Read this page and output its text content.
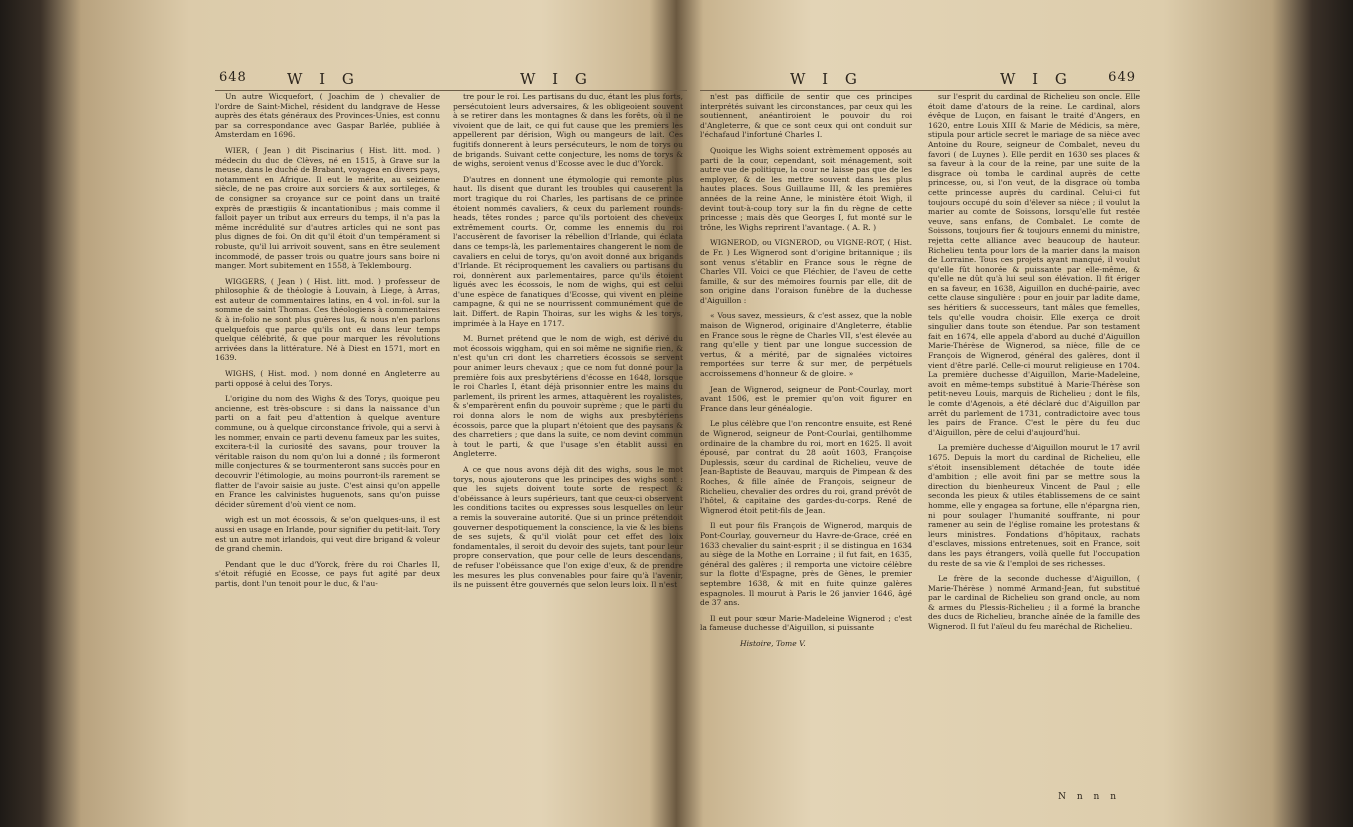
648	W I G	W I G

Un autre Wicquefort, ( Joachim de ) chevalier de l'ordre de Saint-Michel, résident du landgrave de Hesse auprès des états généraux des Provinces-Unies, est connu par sa correspondance avec Gaspar Barlée, publiée à Amsterdam en 1696.

WIER, ( Jean ) dit Piscinarius ( Hist. litt. mod. ) médecin du duc de Clèves, né en 1515, à Grave sur la meuse, dans le duché de Brabant, voyagea en divers pays, notamment en Afrique. Il eut le mérite, au seizieme siècle, de ne pas croire aux sorciers & aux sortileges, & de consigner sa croyance sur ce point dans un traité exprès de præstigiis & incantationibus ; mais comme il falloit payer un tribut aux erreurs du temps, il n'a pas la même incrédulité sur d'autres articles qui ne sont pas plus dignes de foi. On dit qu'il étoit d'un tempérament si robuste, qu'il lui arrivoit souvent, sans en être seulement incommodé, de passer trois ou quatre jours sans boire ni manger. Mort subitement en 1558, à Teklembourg.

WIGGERS, ( Jean ) ( Hist. litt. mod. ) professeur de philosophie & de théologie à Louvain, à Liege, à Arras, est auteur de commentaires latins, en 4 vol. in-fol. sur la somme de saint Thomas. Ces théologiens à commentaires & à in-folio ne sont plus guères lus, & nous n'en parlons quelquefois que parce qu'ils ont eu dans leur temps quelque célébrité, & que pour marquer les révolutions arrivées dans la littérature. Né à Diest en 1571, mort en 1639.

WIGHS, ( Hist. mod. ) nom donné en Angleterre au parti opposé à celui des Torys.

L'origine du nom des Wighs & des Torys, quoique peu ancienne, est très-obscure : si dans la naissance d'un parti on a fait peu d'attention à quelque aventure commune, ou à quelque circonstance frivole, qui a servi à les nommer, envain ce parti devenu fameux par les suites, excitera-t-il la curiosité des savans, pour trouver la véritable raison du nom qu'on lui a donné ; ils formeront mille conjectures & se tourmenteront sans succès pour en decouvrir l'étimologie, au moins pourront-ils rarement se flatter de l'avoir saisie au juste. C'est ainsi qu'on appelle en France les calvinistes huguenots, sans qu'on puisse décider sûrement d'où vient ce nom.

wigh est un mot écossois, & se'on quelques-uns, il est aussi en usage en Irlande, pour signifier du petit-lait. Tory est un autre mot irlandois, qui veut dire brigand & voleur de grand chemin.

Pendant que le duc d'Yorck, frère du roi Charles II, s'étoit réfugié en Ecosse, ce pays fut agité par deux partis, dont l'un tenoit pour le duc, & l'au-

tre pour le roi. Les partisans du duc, étant les plus forts, persécutoient leurs adversaires, & les obligeoient souvent à se retirer dans les montagnes & dans les forêts, où il ne vivoient que de lait, ce qui fut cause que les premiers les appellerent par dérision, Wigh ou mangeurs de lait. Ces fugitifs donnerent à leurs persécuteurs, le nom de torys ou de brigands. Suivant cette conjecture, les noms de torys & de wighs, seroient venus d'Ecosse avec le duc d'Yorck.

D'autres en donnent une étymologie qui remonte plus haut. Ils disent que durant les troubles qui causerent la mort tragique du roi Charles, les partisans de ce prince étoient nommés cavaliers, & ceux du parlement rounds-heads, têtes rondes ; parce qu'ils portoient des cheveux extrêmement courts. Or, comme les ennemis du roi l'accusèrent de favoriser la rébellion d'Irlande, qui éclata dans ce temps-là, les parlementaires changerent le nom de cavaliers en celui de torys, qu'on avoit donné aux brigands d'Irlande. Et réciproquement les cavaliers ou partisans du roi, donnèrent aux parlementaires, parce qu'ils étoient ligués avec les écossois, le nom de wighs, qui est celui d'une espèce de fanatiques d'Ecosse, qui vivent en pleine campagne, & qui ne se nourrissent communément que de lait. Differt. de Rapin Thoiras, sur les wighs & les torys, imprimée à la Haye en 1717.

M. Burnet prétend que le nom de wigh, est dérivé du mot écossois wiggham, qui en soi même ne signifie rien, & n'est qu'un cri dont les charretiers écossois se servent pour animer leurs chevaux ; que ce nom fut donné pour la première fois aux presbytériens d'écosse en 1648, lorsque le roi Charles I, étant déjà prisonnier entre les mains du parlement, ils prirent les armes, attaquèrent les royalistes, & s'emparèrent enfin du pouvoir suprème ; que le parti du roi donna alors le nom de wighs aux presbytériens écossois, parce que la plupart n'étoient que des paysans & des charretiers ; que dans la suite, ce nom devint commun à tout le parti, & que l'usage s'en établit aussi en Angleterre.

A ce que nous avons déjà dit des wighs, sous le mot torys, nous ajouterons que les principes des wighs sont : que les sujets doivent toute sorte de respect & d'obéissance à leurs supérieurs, tant que ceux-ci observent les conditions tacites ou expresses sous lesquelles on leur a remis la souveraine autorité. Que si un prince prétendoit gouverner despotiquement la conscience, la vie & les biens de ses sujets, & qu'il violât pour cet effet des loix fondamentales, il seroit du devoir des sujets, tant pour leur propre conservation, que pour celle de leurs descendans, de refuser l'obéissance que l'on exige d'eux, & de prendre les mesures les plus convenables pour faire qu'à l'avenir, ils ne puissent être gouvernés que selon leurs loix. Il n'est

W I G	W I G	649

n'est pas difficile de sentir que ces principes interprétés suivant les circonstances, par ceux qui les soutiennent, anéantiroient le pouvoir du roi d'Angleterre, & que ce sont ceux qui ont conduit sur l'échafaud l'infortuné Charles I.

Quoique les Wighs soient extrèmement opposés au parti de la cour, cependant, soit ménagement, soit autre vue de politique, la cour ne laisse pas que de les employer, & de les mettre souvent dans les plus hautes places. Sous Guillaume III, & les premières années de la reine Anne, le ministère étoit Wigh, il devint tout-à-coup tory sur la fin du règne de cette princesse ; mais dès que Georges I, fut monté sur le trône, les Wighs reprirent l'avantage. ( A. R. )

WIGNEROD, ou VIGNEROD, ou VIGNE-ROT, ( Hist. de Fr. ) Les Wignerod sont d'origine britannique ; ils sont venus s'établir en France sous le règne de Charles VII. Voici ce que Fléchier, de l'aveu de cette famille, & sur des mémoires fournis par elle, dit de son origine dans l'oraison funèbre de la duchesse d'Aiguillon :

« Vous savez, messieurs, & c'est assez, que la noble maison de Wignerod, originaire d'Angleterre, établie en France sous le règne de Charles VII, s'est élevée au rang qu'elle y tient par une longue succession de vertus, & a mérité, par de signalées victoires remportées sur terre & sur mer, de perpétuels accroissemens d'honneur & de gloire. »

Jean de Wignerod, seigneur de Pont-Courlay, mort avant 1506, est le premier qu'on voit figurer en France dans leur généalogie.

Le plus célèbre que l'on rencontre ensuite, est René de Wignerod, seigneur de Pont-Courlai, gentilhomme ordinaire de la chambre du roi, mort en 1625. Il avoit épousé, par contrat du 28 août 1603, Françoise Duplessis, sœur du cardinal de Richelieu, veuve de Jean-Baptiste de Beauvau, marquis de Pimpean & des Roches, & fille aînée de François, seigneur de Richelieu, chevalier des ordres du roi, grand prévôt de l'hôtel, & capitaine des gardes-du-corps. René de Wignerod étoit petit-fils de Jean.

Il eut pour fils François de Wignerod, marquis de Pont-Courlay, gouverneur du Havre-de-Grace, créé en 1633 chevalier du saint-esprit ; il se distingua en 1634 au siège de la Mothe en Lorraine ; il fut fait, en 1635, général des galères ; il remporta une victoire célèbre sur la flotte d'Espagne, près de Gènes, le premier septembre 1638, & mit en fuite quinze galères espagnoles. Il mourut à Paris le 26 janvier 1646, âgé de 37 ans.

Il eut pour sœur Marie-Madeleine Wignerod ; c'est la fameuse duchesse d'Aiguillon, si puissante

Histoire, Tome V.

sur l'esprit du cardinal de Richelieu son oncle. Elle étoit dame d'atours de la reine. Le cardinal, alors évêque de Luçon, en faisant le traité d'Angers, en 1620, entre Louis XIII & Marie de Médicis, sa mère, stipula pour article secret le mariage de sa nièce avec Antoine du Roure, seigneur de Combalet, neveu du favori ( de Luynes ). Elle perdit en 1630 ses places & sa faveur à la cour de la reine, par une suite de la disgrace où tomba le cardinal auprès de cette princesse, ou, si l'on veut, de la disgrace où tomba cette princesse auprès du cardinal. Celui-ci fut toujours occupé du soin d'élever sa nièce ; il voulut la marier au comte de Soissons, lorsqu'elle fut restée veuve, sans enfans, de Combalet. Le comte de Soissons, toujours fier & toujours ennemi du ministre, rejetta cette alliance avec beaucoup de hauteur. Richelieu tenta pour lors de la marier dans la maison de Lorraine. Tous ces projets ayant manqué, il voulut qu'elle fût honorée & puissante par elle-même, & qu'elle ne dût qu'à lui seul son élévation. Il fit ériger en sa faveur, en 1638, Aiguillon en duché-pairie, avec cette clause singulière : pour en jouir par ladite dame, ses héritiers & successeurs, tant mâles que femelles, tels qu'elle voudra choisir. Elle exerça ce droit singulier dans toute son étendue. Par son testament fait en 1674, elle appela d'abord au duché d'Aiguillon Marie-Thérèse de Wignerod, sa nièce, fille de ce François de Wignerod, général des galères, dont il vient d'être parlé. Celle-ci mourut religieuse en 1704. La première duchesse d'Aiguillon, Marie-Madeleine, avoit en même-temps substitué à Marie-Thérèse son petit-neveu Louis, marquis de Richelieu ; dont le fils, le comte d'Agenois, a été déclaré duc d'Aiguillon par arrêt du parlement de 1731, contradictoire avec tous les pairs de France. C'est le père du feu duc d'Aiguillon, père de celui d'aujourd'hui.

La première duchesse d'Aiguillon mourut le 17 avril 1675. Depuis la mort du cardinal de Richelieu, elle s'étoit insensiblement détachée de toute idée d'ambition ; elle avoit fini par se mettre sous la direction du bienheureux Vincent de Paul ; elle seconda les pieux & utiles établissemens de ce saint homme, elle y engagea sa fortune, elle n'épargna rien, ni pour soulager l'humanité souffrante, ni pour ramener au sein de l'église romaine les protestans & leurs ministres. Fondations d'hôpitaux, rachats d'esclaves, missions entretenues, soit en France, soit dans les pays étrangers, voilà quelle fut l'occupation du reste de sa vie & l'emploi de ses richesses.

Le frère de la seconde duchesse d'Aiguillon, ( Marie-Thérèse ) nommé Armand-Jean, fut substitué par le cardinal de Richelieu son grand oncle, au nom & armes du Plessis-Richelieu ; il a formé la branche des ducs de Richelieu, branche aînée de la famille des Wignerod. Il fut l'aïeul du feu maréchal de Richelieu.

N n n n
